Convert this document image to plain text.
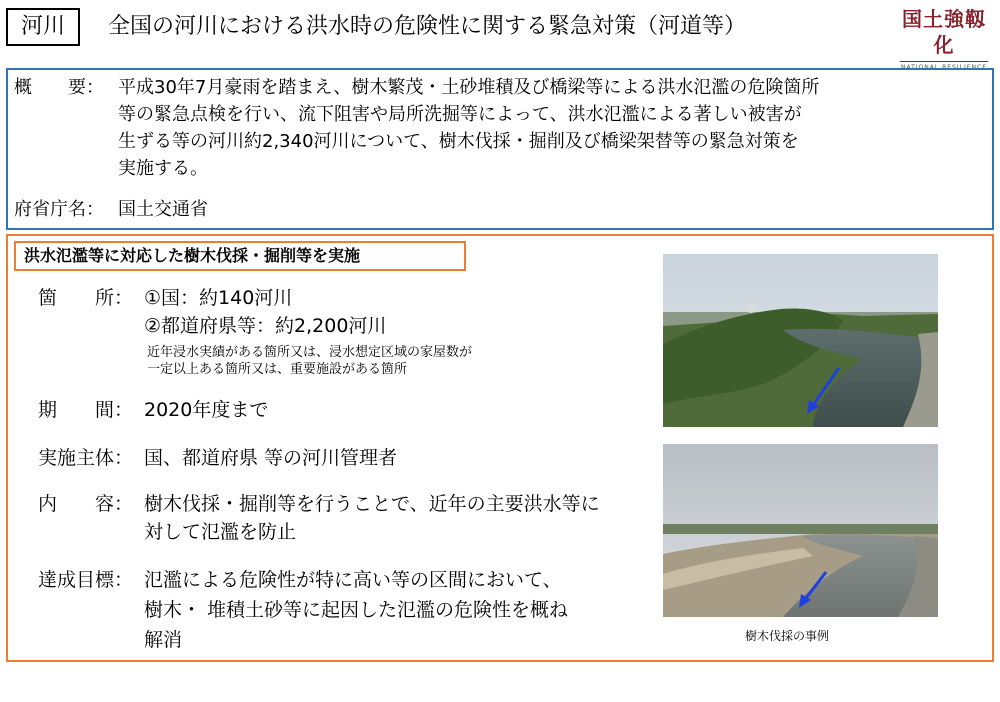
河川	全国の河川における洪水時の危険性に関する緊急対策（河道等）	国土強靱化
NATIONAL RESILIENCE
概　　要： 平成30年7月豪雨を踏まえ、樹木繁茂・土砂堆積及び橋梁等による洪水氾濫の危険箇所
等の緊急点検を行い、流下阻害や局所洗掘等によって、洪水氾濫による著しい被害が
生ずる等の河川約2,340河川について、樹木伐採・掘削及び橋梁架替等の緊急対策を
実施する。
府省庁名： 国土交通省
洪水氾濫等に対応した樹木伐採・掘削等を実施
箇　　所： ①国：約140河川
②都道府県等：約2,200河川
近年浸水実績がある箇所又は、浸水想定区域の家屋数が
一定以上ある箇所又は、重要施設がある箇所
期　　間： 2020年度まで
実施主体： 国、都道府県 等の河川管理者
内　　容： 樹木伐採・掘削等を行うことで、近年の主要洪水等に
対して氾濫を防止
達成目標： 氾濫による危険性が特に高い等の区間において、
樹木・ 堆積土砂等に起因した氾濫の危険性を概ね
解消	樹木伐採の事例
